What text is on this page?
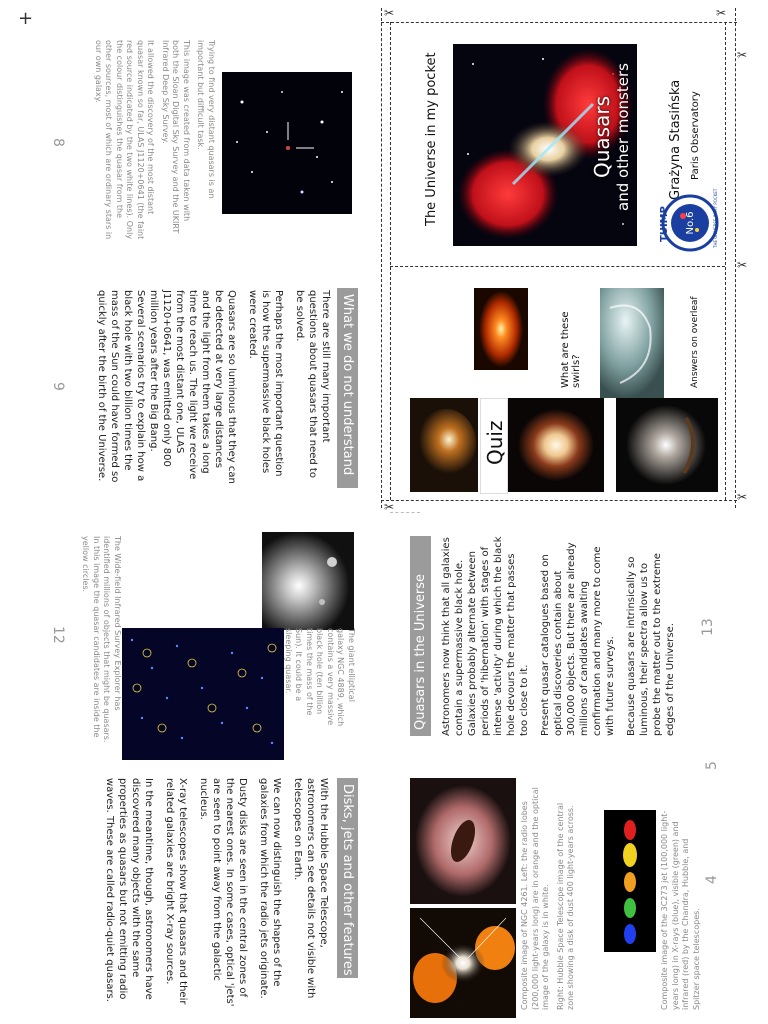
+	✂	✂
✂
✂
✂
✂
The Universe in my pocket	Quasars and other monsters	Grażyna Stasińska Paris Observatory
No.6
TUIMP	THE UNIVERSE IN MY POCKET
Quiz
What are these swirls?	Answers on overleaf

Trying to find very distant quasars is an important but difficult task.

This image was created from data taken with both the Sloan Digital Sky Survey and the UKIRT Infrared Deep Sky Survey.

It allowed the discovery of the most distant quasar known so far, ULAS J1120+0641 (the faint red source indicated by the two white lines). Only the colour distinguishes the quasar from the other sources, most of which are ordinary stars in our own galaxy.

8
What we do not understand

There are still many important questions about quasars that need to be solved.

Perhaps the most important question is how the supermassive black holes were created.

Quasars are so luminous that they can be detected at very large distances and the light from them takes a long time to reach us. The light we receive from the most distant one, ULAS J1120+0641, was emitted only 800 million years after the Big Bang. Several scenarios try to explain how a black hole with two billion times the mass of the Sun could have formed so quickly after the birth of the Universe.

9
The giant elliptical galaxy NGC 4889, which contains a very massive black hole (ten billion times the mass of the Sun). It could be a sleeping quasar.
The Wide-field Infrared Survey Explorer has identified millions of objects that might be quasars. In this image the quasar candidates are inside the yellow circles.
12	Quasars in the Universe	Astronomers now think that all galaxies contain a supermassive black hole. Galaxies probably alternate between periods of 'hibernation' with stages of intense 'activity' during which the black hole devours the matter that passes too close to it. Present quasar catalogues based on optical discoveries contain about 300,000 objects. But there are already millions of candidates awaiting confirmation and many more to come with future surveys. Because quasars are intrinsically so luminous, their spectra allow us to probe the matter out to the extreme edges of the Universe. 13

Composite image of NGC 4261. Left: the radio lobes (200,000 light-years long) are in orange and the optical image of the galaxy is in white. Right: Hubble Space Telescope image of the central zone showing a disk of dust 400 light-years across.	Composite image of the 3C273 jet (100,000 light-years long) in X-rays (blue), visible (green) and infrared (red) by the Chandra, Hubble, and Spitzer space telescopes.
4
Disks, jets and other features

With the Hubble Space Telescope, astronomers can see details not visible with telescopes on Earth.

We can now distinguish the shapes of the galaxies from which the radio jets originate.

Dusty disks are seen in the central zones of the nearest ones. In some cases, optical 'jets' are seen to point away from the galactic nucleus.

X-ray telescopes show that quasars and their related galaxies are bright X-ray sources.

In the meantime, though, astronomers have discovered many objects with the same properties as quasars but not emitting radio waves. These are called radio-quiet quasars.

5
